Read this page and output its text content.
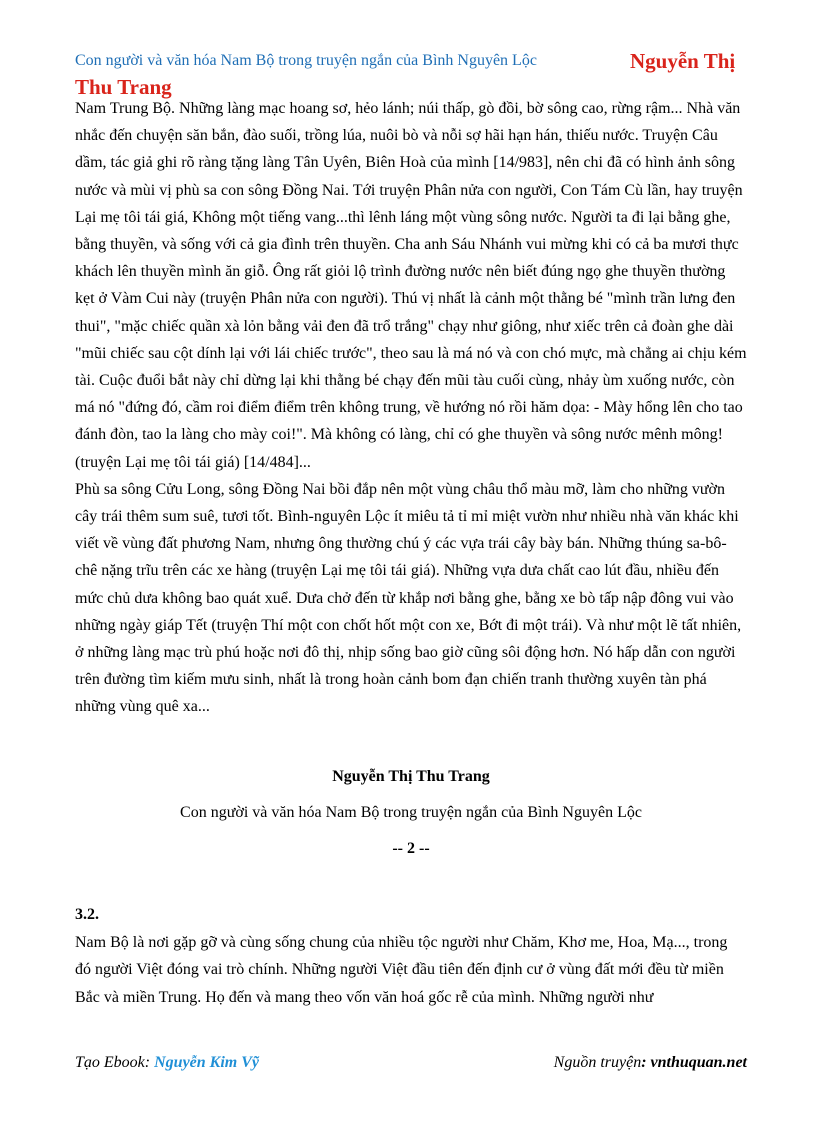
Con người và văn hóa Nam Bộ trong truyện ngắn của Bình Nguyên Lộc	Nguyễn Thị Thu Trang

Nam Trung Bộ. Những làng mạc hoang sơ, hẻo lánh; núi thấp, gò đồi, bờ sông cao, rừng rậm... Nhà văn nhắc đến chuyện săn bắn, đào suối, trồng lúa, nuôi bò và nỗi sợ hãi hạn hán, thiếu nước. Truyện Câu dầm, tác giả ghi rõ ràng tặng làng Tân Uyên, Biên Hoà của mình [14/983], nên chi đã có hình ảnh sông nước và mùi vị phù sa con sông Đồng Nai. Tới truyện Phân nửa con người, Con Tám Cù lần, hay truyện Lại mẹ tôi tái giá, Không một tiếng vang...thì lênh láng một vùng sông nước. Người ta đi lại bằng ghe, bằng thuyền, và sống với cả gia đình trên thuyền. Cha anh Sáu Nhánh vui mừng khi có cả ba mươi thực khách lên thuyền mình ăn giỗ. Ông rất giỏi lộ trình đường nước nên biết đúng ngọ ghe thuyền thường kẹt ở Vàm Cui này (truyện Phân nửa con người). Thú vị nhất là cảnh một thằng bé "mình trần lưng đen thui", "mặc chiếc quần xà lỏn bằng vải đen đã trổ trắng" chạy như giông, như xiếc trên cả đoàn ghe dài "mũi chiếc sau cột dính lại với lái chiếc trước", theo sau là má nó và con chó mực, mà chẳng ai chịu kém tài. Cuộc đuổi bắt này chỉ dừng lại khi thằng bé chạy đến mũi tàu cuối cùng, nhảy ùm xuống nước, còn má nó "đứng đó, cầm roi điểm điểm trên không trung, về hướng nó rồi hăm dọa: - Mày hổng lên cho tao đánh đòn, tao la làng cho mày coi!". Mà không có làng, chỉ có ghe thuyền và sông nước mênh mông! (truyện Lại mẹ tôi tái giá) [14/484]...

Phù sa sông Cửu Long, sông Đồng Nai bồi đắp nên một vùng châu thổ màu mỡ, làm cho những vườn cây trái thêm sum suê, tươi tốt. Bình-nguyên Lộc ít miêu tả tỉ mỉ miệt vườn như nhiều nhà văn khác khi viết về vùng đất phương Nam, nhưng ông thường chú ý các vựa trái cây bày bán. Những thúng sa-bô-chê nặng trĩu trên các xe hàng (truyện Lại mẹ tôi tái giá). Những vựa dưa chất cao lút đầu, nhiều đến mức chủ dưa không bao quát xuể. Dưa chở đến từ khắp nơi bằng ghe, bằng xe bò tấp nập đông vui vào những ngày giáp Tết (truyện Thí một con chốt hốt một con xe, Bớt đi một trái). Và như một lẽ tất nhiên, ở những làng mạc trù phú hoặc nơi đô thị, nhịp sống bao giờ cũng sôi động hơn. Nó hấp dẫn con người trên đường tìm kiếm mưu sinh, nhất là trong hoàn cảnh bom đạn chiến tranh thường xuyên tàn phá những vùng quê xa...

Nguyễn Thị Thu Trang
Con người và văn hóa Nam Bộ trong truyện ngắn của Bình Nguyên Lộc
-- 2 --

3.2.

Nam Bộ là nơi gặp gỡ và cùng sống chung của nhiều tộc người như Chăm, Khơ me, Hoa, Mạ..., trong đó người Việt đóng vai trò chính. Những người Việt đầu tiên đến định cư ở vùng đất mới đều từ miền Bắc và miền Trung. Họ đến và mang theo vốn văn hoá gốc rễ của mình. Những người như

Tạo Ebook: Nguyễn Kim Vỹ	Nguồn truyện: vnthuquan.net
